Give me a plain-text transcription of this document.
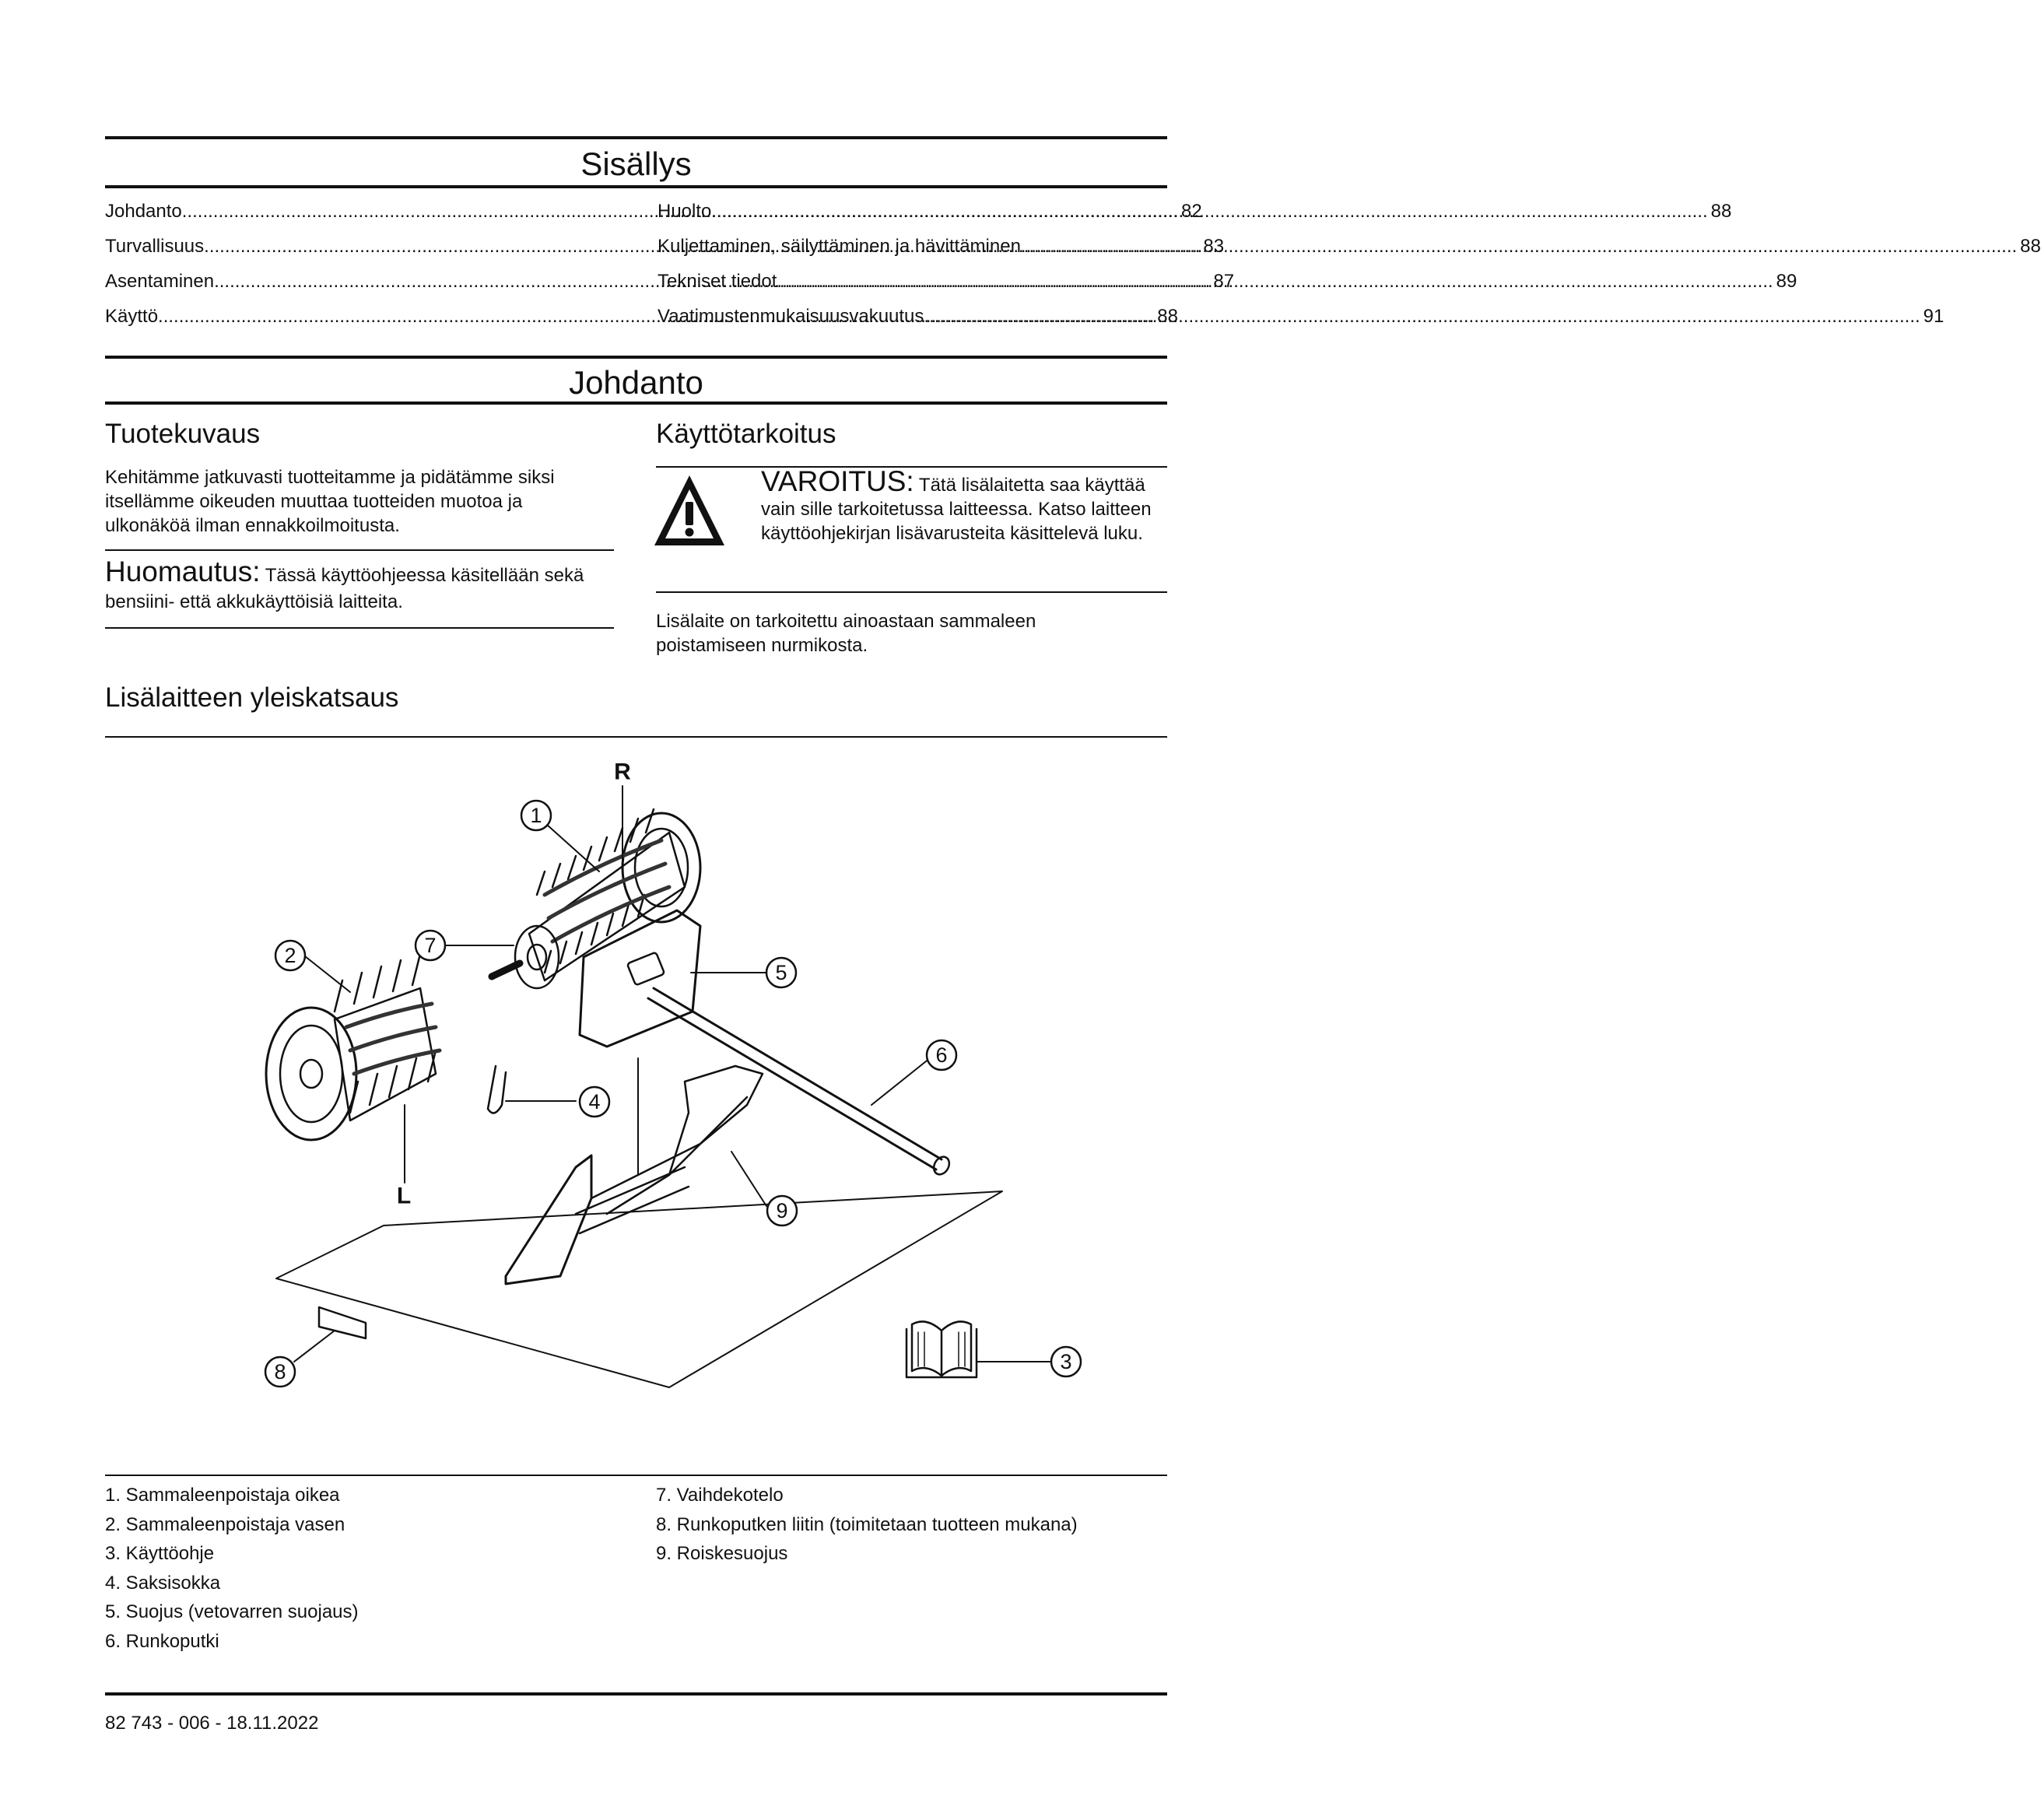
Sisällys
Johdanto .....	82
Turvallisuus .....	83
Asentaminen .....	87
Käyttö .....	88
Huolto .....	88
Kuljettaminen, säilyttäminen ja hävittäminen .....	88
Tekniset tiedot .....	89
Vaatimustenmukaisuusvakuutus .....	91
Johdanto
Tuotekuvaus
Kehitämme jatkuvasti tuotteitamme ja pidätämme siksi itsellämme oikeuden muuttaa tuotteiden muotoa ja ulkonäköä ilman ennakkoilmoitusta.
Huomautus: Tässä käyttöohjeessa käsitellään sekä bensiini- että akkukäyttöisiä laitteita.
Käyttötarkoitus
VAROITUS: Tätä lisälaitetta saa käyttää vain sille tarkoitetussa laitteessa. Katso laitteen käyttöohjekirjan lisävarusteita käsittelevä luku.
Lisälaite on tarkoitettu ainoastaan sammaleen poistamiseen nurmikosta.
Lisälaitteen yleiskatsaus
1
2	7
4
5
6
9
8	3
R
L
1. Sammaleenpoistaja oikea
2. Sammaleenpoistaja vasen
3. Käyttöohje
4. Saksisokka
5. Suojus (vetovarren suojaus)
6. Runkoputki
7. Vaihdekotelo
8. Runkoputken liitin (toimitetaan tuotteen mukana)
9. Roiskesuojus
82 743 - 006 - 18.11.2022
